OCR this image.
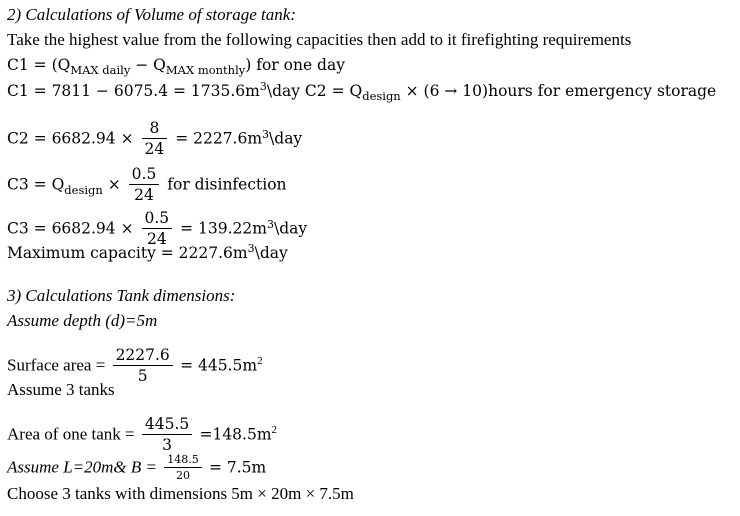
2) Calculations of Volume of storage tank:
Take the highest value from the following capacities then add to it firefighting requirements
$C1 = (Q_{MAX daily} - Q_{MAX monthly})$ for one day
$C1 = 7811 - 6075.4 = 1735.6m^3\backslash day$ $C2 = Q_{design} \times (6$ → 10)hours for emergency storage
$C2 = 6682.94 \times \frac{8}{24}$ = $2227.6m^3\backslash day$
$C3 = Q_{design} \times \frac{0.5}{24}$ for disinfection
$C3 = 6682.94 \times \frac{0.5}{24}$ = $139.22m^3\backslash day$
Maximum capacity = $2227.6m^3\backslash day$
3) Calculations Tank dimensions:
Assume depth (d)=5m
Surface area = $\frac{2227.6}{5} = 445.5m^2$
Assume 3 tanks
Area of one $\tan k = \frac{445.5}{3} =148.5m^2$
Assume L=20m& $B = \frac{148.5}{20} = 7.5m$
Choose 3 tanks with dimensions 5m × 20m × 7.5m
